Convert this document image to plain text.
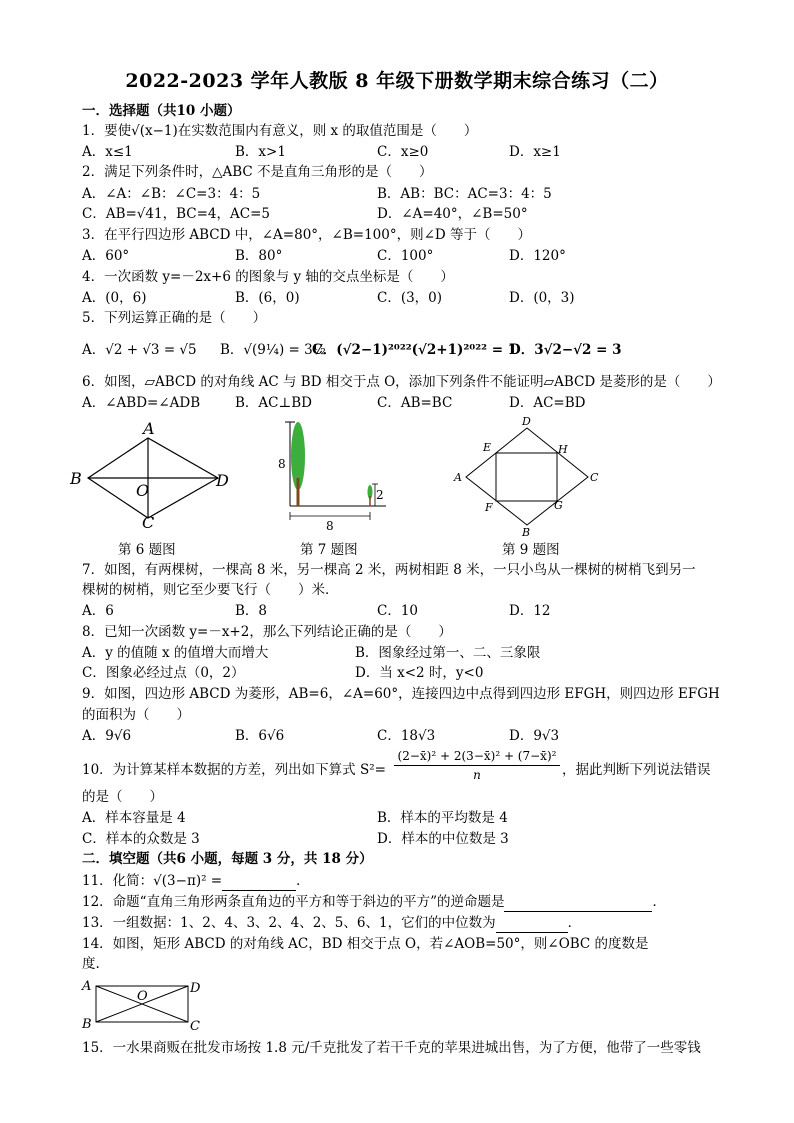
2022-2023 学年人教版 8 年级下册数学期末综合练习（二）
一．选择题（共10 小题）
1．要使√(x−1)在实数范围内有意义，则 x 的取值范围是（　　）
A．x≤1	B．x>1	C．x≥0	D．x≥1
2．满足下列条件时，△ABC 不是直角三角形的是（　　）
A．∠A：∠B：∠C=3：4：5	B．AB：BC：AC=3：4：5
C．AB=√41，BC=4，AC=5	D．∠A=40°，∠B=50°
3．在平行四边形 ABCD 中，∠A=80°，∠B=100°，则∠D 等于（　　）
A．60°	B．80°	C．100°	D．120°
4．一次函数 y=－2x+6 的图象与 y 轴的交点坐标是（　　）
A．(0，6)	B．(6，0)	C．(3，0)	D．(0，3)
5．下列运算正确的是（　　）
A．√2 + √3 = √5 B．√(9¼) = 3½
C．(√2−1)²⁰²²(√2+1)²⁰²² = 1
D．3√2−√2 = 3
6．如图，▱ABCD 的对角线 AC 与 BD 相交于点 O，添加下列条件不能证明▱ABCD 是菱形的是（　　）
A．∠ABD=∠ADB	B．AC⊥BD	C．AB=BC	D．AC=BD
A
B
C
D
O
第 6 题图
8
2
8
第 7 题图
D
A	C
B
E	H
F	G
第 9 题图
7．如图，有两棵树，一棵高 8 米，另一棵高 2 米，两树相距 8 米，一只小鸟从一棵树的树梢飞到另一
棵树的树梢，则它至少要飞行（　　）米．
A．6	B．8	C．10	D．12
8．已知一次函数 y=－x+2，那么下列结论正确的是（　　）
A．y 的值随 x 的值增大而增大	B．图象经过第一、二、三象限
C．图象必经过点（0，2）	D．当 x<2 时，y<0
9．如图，四边形 ABCD 为菱形，AB=6，∠A=60°，连接四边中点得到四边形 EFGH，则四边形 EFGH
的面积为（　　）
A．9√6	B．6√6	C．18√3	D．9√3
10．为计算某样本数据的方差，列出如下算式 S²=
(2−x̄)² + 2(3−x̄)² + (7−x̄)²
n	，据此判断下列说法错误
的是（　　）
A．样本容量是 4	B．样本的平均数是 4
C．样本的众数是 3	D．样本的中位数是 3
二．填空题（共6 小题，每题 3 分，共 18 分）
11．化简：√(3−π)² =	．
12．命题“直角三角形两条直角边的平方和等于斜边的平方”的逆命题是	．
13．一组数据：1、2、4、3、2、4、2、5、6、1，它们的中位数为	．
14．如图，矩形 ABCD 的对角线 AC，BD 相交于点 O，若∠AOB=50°，则∠OBC 的度数是
度.
A
B	C
D
O
15．一水果商贩在批发市场按 1.8 元/千克批发了若干千克的苹果进城出售，为了方便，他带了一些零钱
